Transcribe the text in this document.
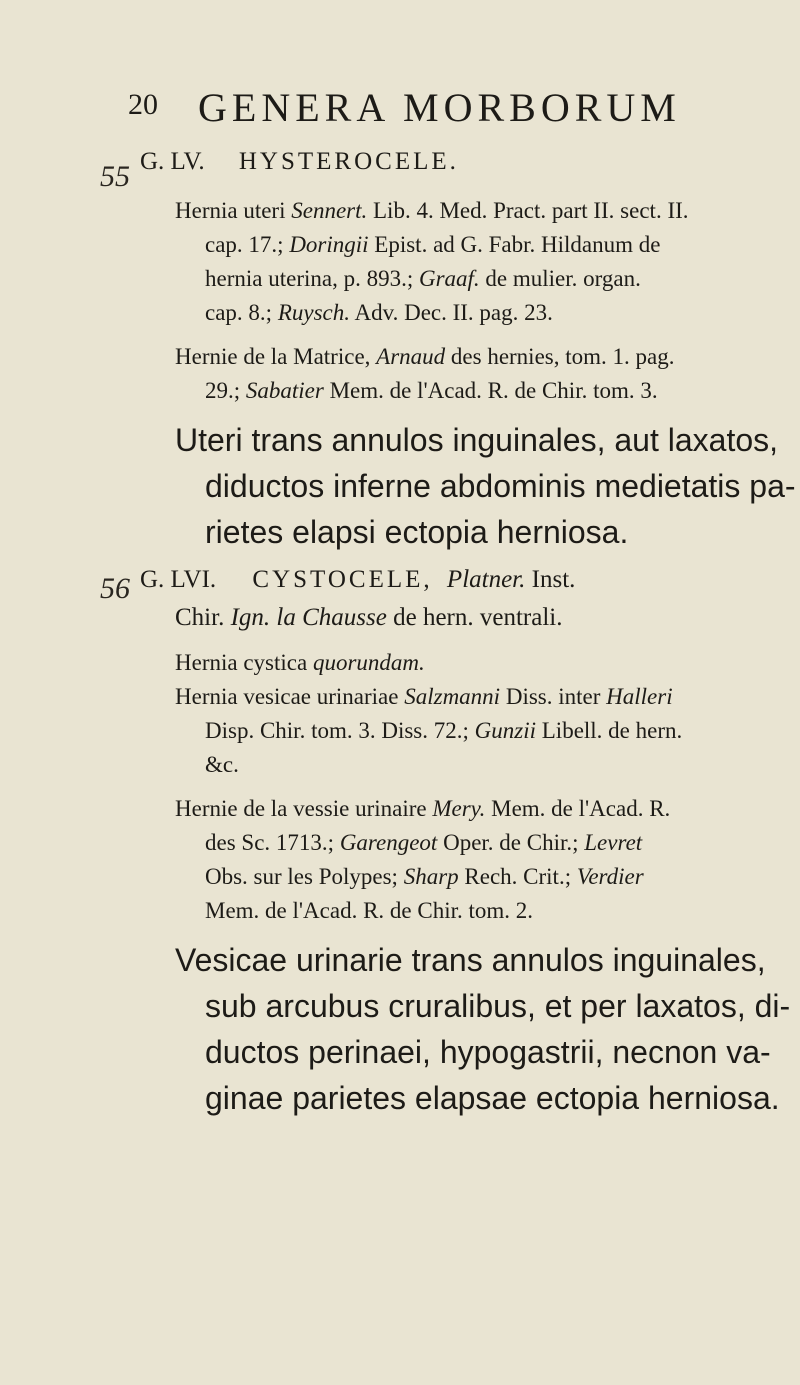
20 GENERA MORBORUM
55 G. LV. HYSTEROCELE.
Hernia uteri Sennert. Lib. 4. Med. Pract. part II. sect. II.
cap. 17.; Doringii Epist. ad G. Fabr. Hildanum de
hernia uterina, p. 893.; Graaf. de mulier. organ.
cap. 8.; Ruysch. Adv. Dec. II. pag. 23.
Hernie de la Matrice, Arnaud des hernies, tom. 1. pag.
29.; Sabatier Mem. de l'Acad. R. de Chir. tom. 3.
Uteri trans annulos inguinales, aut laxatos,
diductos inferne abdominis medietatis pa-
rietes elapsi ectopia herniosa.
56 G. LVI. CYSTOCELE, Platner. Inst.
Chir. Ign. la Chausse de hern. ventrali.
Hernia cystica quorundam.
Hernia vesicae urinariae Salzmanni Diss. inter Halleri
Disp. Chir. tom. 3. Diss. 72.; Gunzii Libell. de hern.
&c.
Hernie de la vessie urinaire Mery. Mem. de l'Acad. R.
des Sc. 1713.; Garengeot Oper. de Chir.; Levret
Obs. sur les Polypes; Sharp Rech. Crit.; Verdier
Mem. de l'Acad. R. de Chir. tom. 2.
Vesicae urinarie trans annulos inguinales,
sub arcubus cruralibus, et per laxatos, di-
ductos perinaei, hypogastrii, necnon va-
ginae parietes elapsae ectopia herniosa.
